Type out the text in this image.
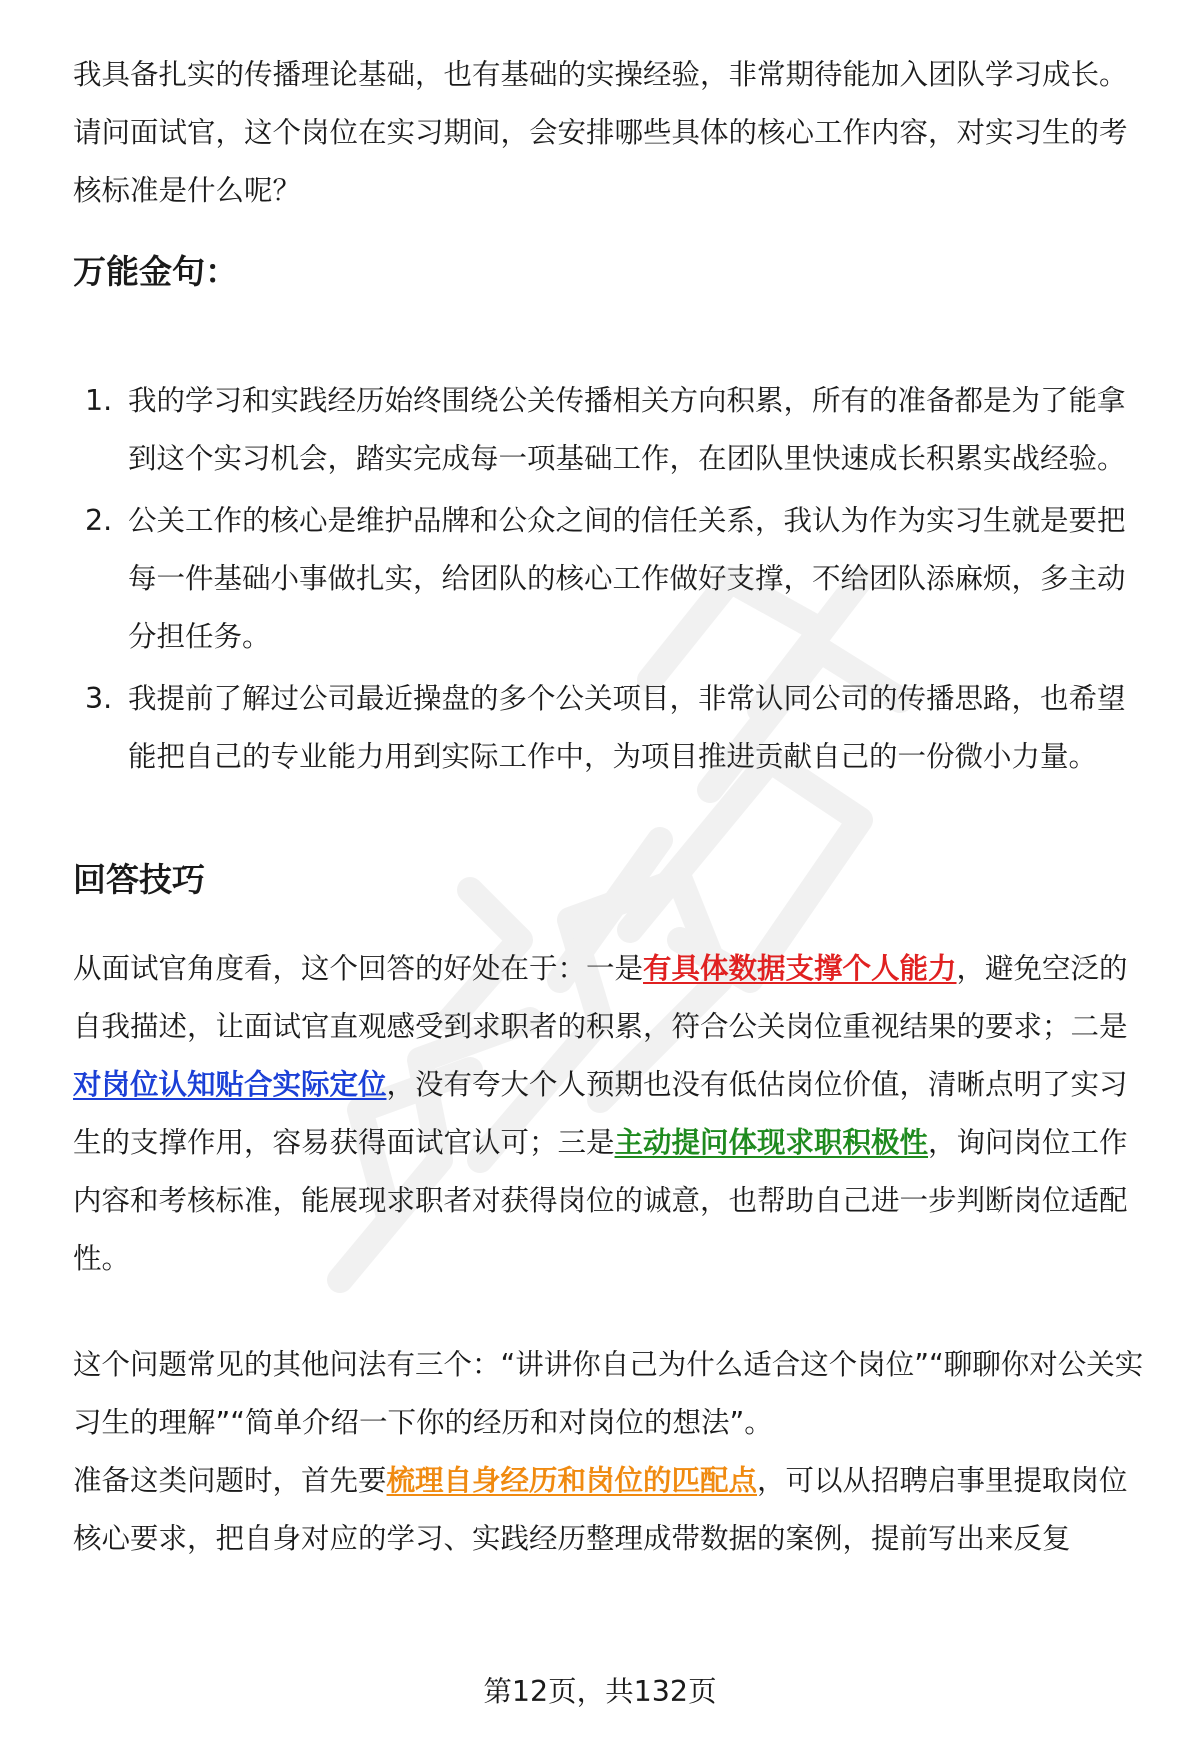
我具备扎实的传播理论基础，也有基础的实操经验，非常期待能加入团队学习成长。请问面试官，这个岗位在实习期间，会安排哪些具体的核心工作内容，对实习生的考核标准是什么呢？

万能金句：
1. 我的学习和实践经历始终围绕公关传播相关方向积累，所有的准备都是为了能拿到这个实习机会，踏实完成每一项基础工作，在团队里快速成长积累实战经验。
2. 公关工作的核心是维护品牌和公众之间的信任关系，我认为作为实习生就是要把每一件基础小事做扎实，给团队的核心工作做好支撑，不给团队添麻烦，多主动分担任务。
3. 我提前了解过公司最近操盘的多个公关项目，非常认同公司的传播思路，也希望能把自己的专业能力用到实际工作中，为项目推进贡献自己的一份微小力量。
回答技巧

从面试官角度看，这个回答的好处在于：一是有具体数据支撑个人能力，避免空泛的自我描述，让面试官直观感受到求职者的积累，符合公关岗位重视结果的要求；二是对岗位认知贴合实际定位，没有夸大个人预期也没有低估岗位价值，清晰点明了实习生的支撑作用，容易获得面试官认可；三是主动提问体现求职积极性，询问岗位工作内容和考核标准，能展现求职者对获得岗位的诚意，也帮助自己进一步判断岗位适配性。

这个问题常见的其他问法有三个：“讲讲你自己为什么适合这个岗位”“聊聊你对公关实习生的理解”“简单介绍一下你的经历和对岗位的想法”。

准备这类问题时，首先要梳理自身经历和岗位的匹配点，可以从招聘启事里提取岗位核心要求，把自身对应的学习、实践经历整理成带数据的案例，提前写出来反复

第12页，共132页
